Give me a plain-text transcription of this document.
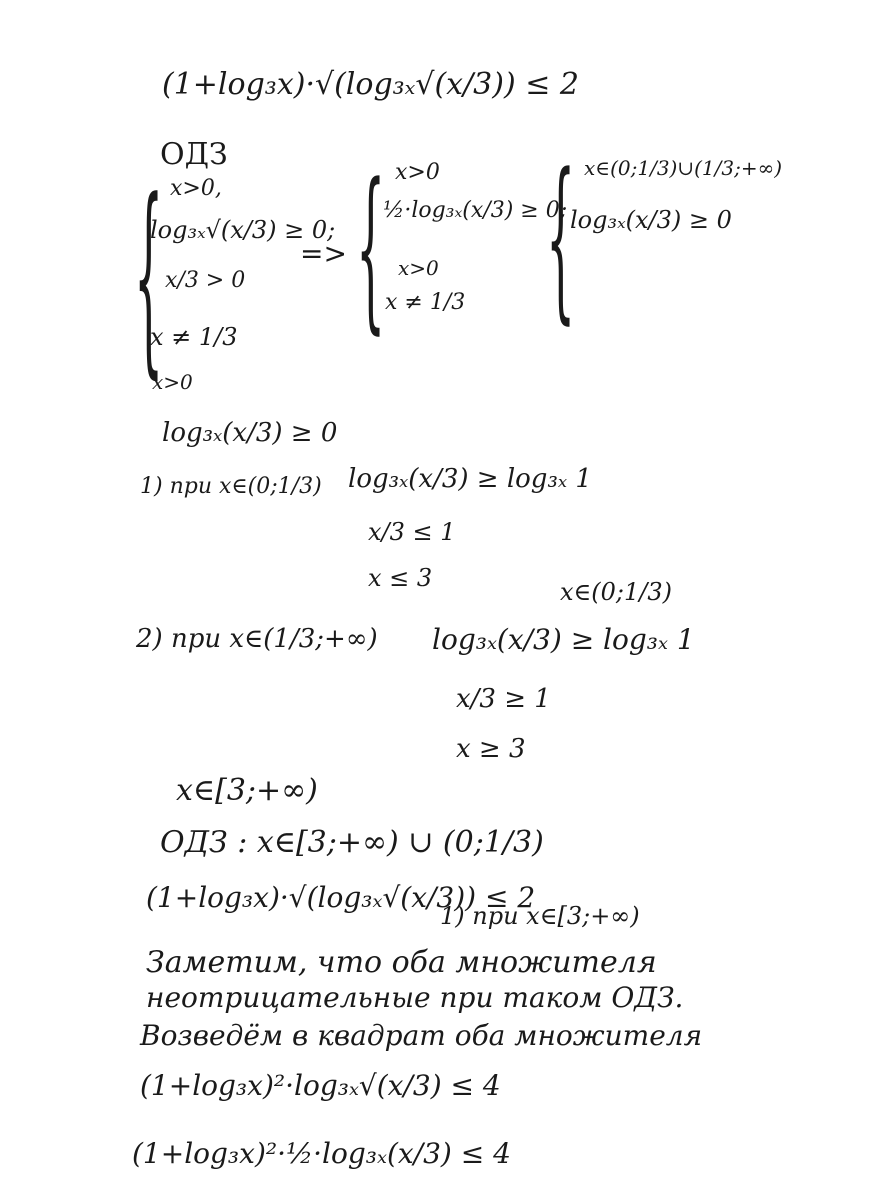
(1+log₃x)·√(log₃ₓ√(x/3)) ≤ 2
ОДЗ
{ x>0,
log₃ₓ√(x/3) ≥ 0;
x/3 > 0
x ≠ 1/3
x>0
=> { x>0
½·log₃ₓ(x/3) ≥ 0;
x>0
x ≠ 1/3 { x∈(0;1/3)∪(1/3;+∞)
log₃ₓ(x/3) ≥ 0
log₃ₓ(x/3) ≥ 0
1) при x∈(0;1/3) log₃ₓ(x/3) ≥ log₃ₓ 1
x/3 ≤ 1
x ≤ 3	x∈(0;1/3)
2) при x∈(1/3;+∞) log₃ₓ(x/3) ≥ log₃ₓ 1
x/3 ≥ 1
x ≥ 3
x∈[3;+∞)
ОДЗ : x∈[3;+∞) ∪ (0;1/3)
(1+log₃x)·√(log₃ₓ√(x/3)) ≤ 2
1) при x∈[3;+∞)
Заметим, что оба множителя
неотрицательные при таком ОДЗ.
Возведём в квадрат оба множителя
(1+log₃x)²·log₃ₓ√(x/3) ≤ 4
(1+log₃x)²·½·log₃ₓ(x/3) ≤ 4
